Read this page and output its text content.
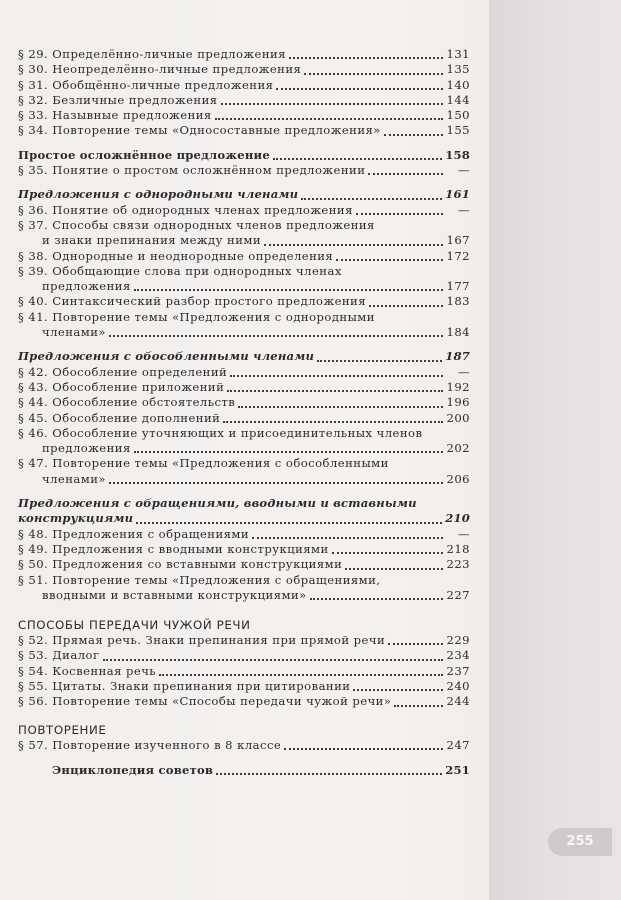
255
§ 29. Определённо-личные предложения	131
§ 30. Неопределённо-личные предложения	135
§ 31. Обобщённо-личные предложения	140
§ 32. Безличные предложения	144
§ 33. Назывные предложения	150
§ 34. Повторение темы «Односоставные предложения»	155
Простое осложнённое предложение	158
§ 35. Понятие о простом осложнённом предложении	—
Предложения с однородными членами	161
§ 36. Понятие об однородных членах предложения	—
§ 37. Способы связи однородных членов предложения
и знаки препинания между ними	167
§ 38. Однородные и неоднородные определения	172
§ 39. Обобщающие слова при однородных членах
предложения	177
§ 40. Синтаксический разбор простого предложения	183
§ 41. Повторение темы «Предложения с однородными
членами»	184
Предложения с обособленными членами	187
§ 42. Обособление определений	—
§ 43. Обособление приложений	192
§ 44. Обособление обстоятельств	196
§ 45. Обособление дополнений	200
§ 46. Обособление уточняющих и присоединительных членов
предложения	202
§ 47. Повторение темы «Предложения с обособленными
членами»	206
Предложения с обращениями, вводными и вставными
конструкциями	210
§ 48. Предложения с обращениями	—
§ 49. Предложения с вводными конструкциями	218
§ 50. Предложения со вставными конструкциями	223
§ 51. Повторение темы «Предложения с обращениями,
вводными и вставными конструкциями»	227
СПОСОБЫ ПЕРЕДАЧИ ЧУЖОЙ РЕЧИ
§ 52. Прямая речь. Знаки препинания при прямой речи	229
§ 53. Диалог	234
§ 54. Косвенная речь	237
§ 55. Цитаты. Знаки препинания при цитировании	240
§ 56. Повторение темы «Способы передачи чужой речи»	244
ПОВТОРЕНИЕ
§ 57. Повторение изученного в 8 классе	247
Энциклопедия советов	251
